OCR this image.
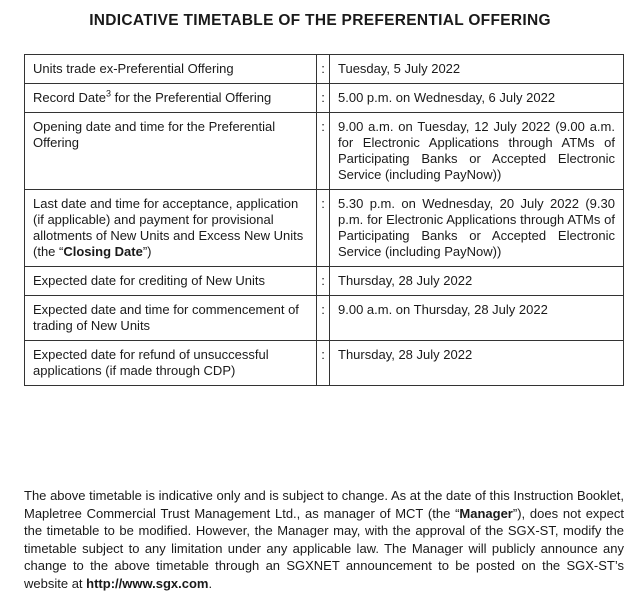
INDICATIVE TIMETABLE OF THE PREFERENTIAL OFFERING
Units trade ex-Preferential Offering	:	Tuesday, 5 July 2022
Record Date$^3$ for the Preferential Offering	:	5.00 p.m. on Wednesday, 6 July 2022
Opening date and time for the Preferential Offering	:	9.00 a.m. on Tuesday, 12 July 2022 (9.00 a.m. for Electronic Applications through ATMs of Participating Banks or Accepted Electronic Service (including PayNow))
Last date and time for acceptance, application (if applicable) and payment for provisional allotments of New Units and Excess New Units (the “Closing Date”)	:	5.30 p.m. on Wednesday, 20 July 2022 (9.30 p.m. for Electronic Applications through ATMs of Participating Banks or Accepted Electronic Service (including PayNow))
Expected date for crediting of New Units	:	Thursday, 28 July 2022
Expected date and time for commencement of trading of New Units	:	9.00 a.m. on Thursday, 28 July 2022
Expected date for refund of unsuccessful applications (if made through CDP)	:	Thursday, 28 July 2022
The above timetable is indicative only and is subject to change. As at the date of this Instruction Booklet, Mapletree Commercial Trust Management Ltd., as manager of MCT (the “Manager”), does not expect the timetable to be modified. However, the Manager may, with the approval of the SGX-ST, modify the timetable subject to any limitation under any applicable law. The Manager will publicly announce any change to the above timetable through an SGXNET announcement to be posted on the SGX-ST’s website at http://www.sgx.com.
